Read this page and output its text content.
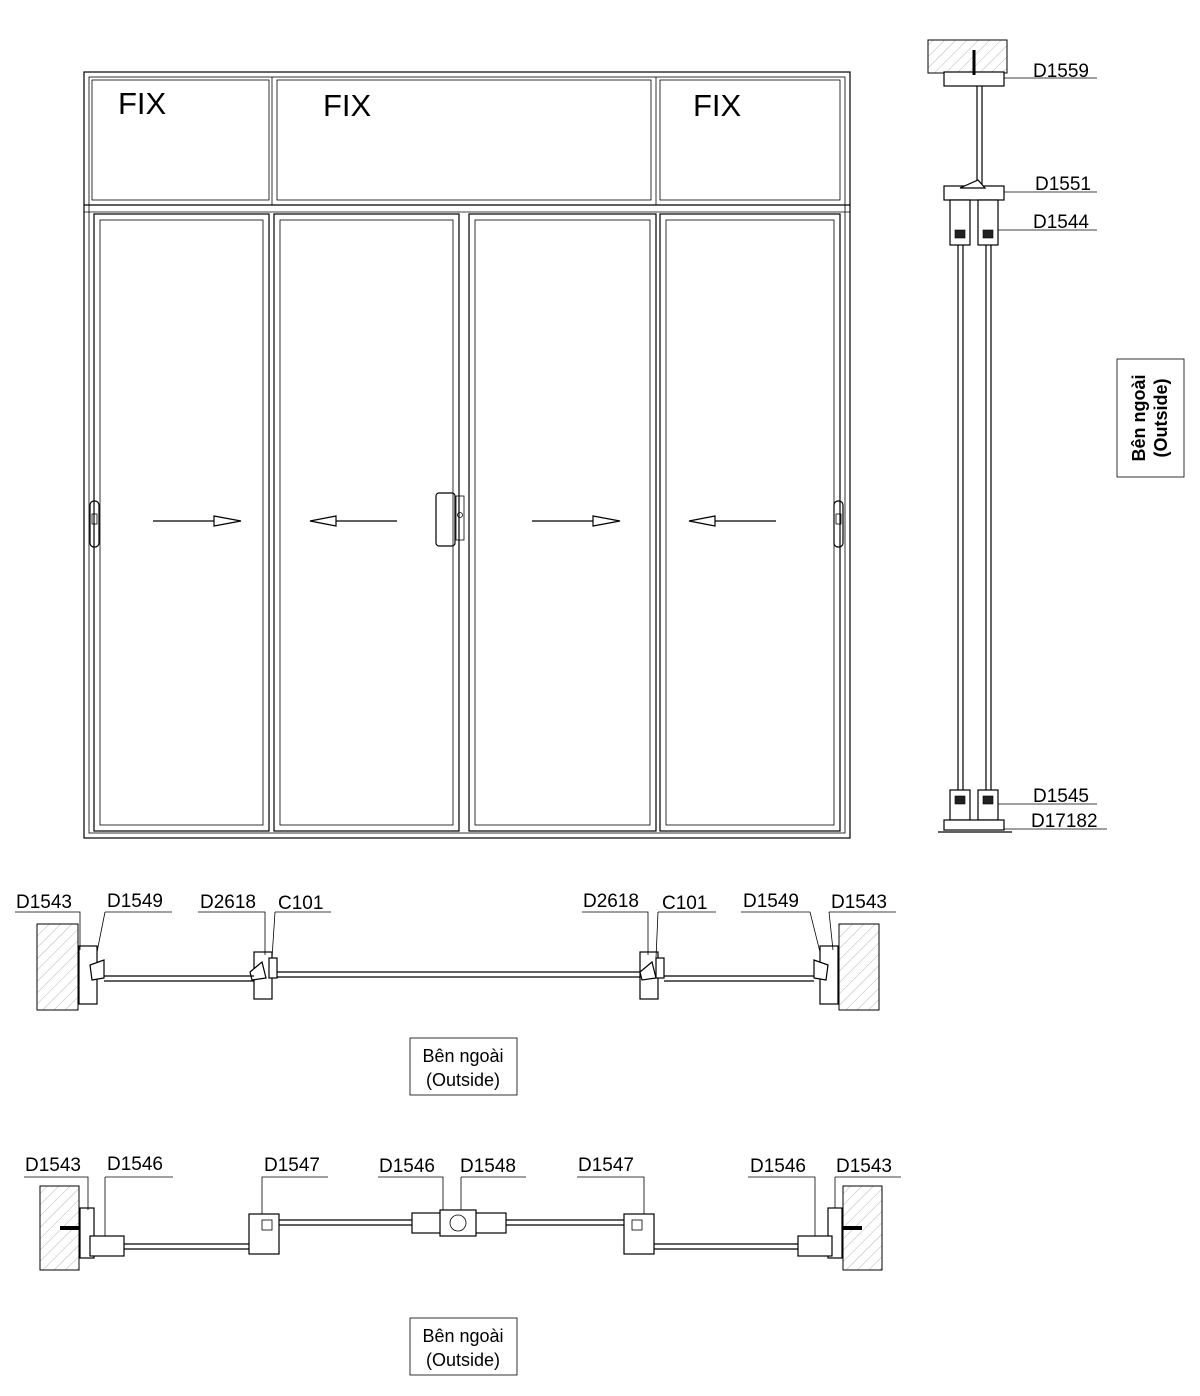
FIX	FIX	FIX
D1559
D1551
D1544
D1545
D17182
Bên ngoài (Outside)
D1543 D1549 D2618 C101	D2618 C101 D1549 D1543
Bên ngoài
(Outside)
D1543 D1546	D1547	D1546 D1548	D1547	D1546 D1543
Bên ngoài
(Outside)
